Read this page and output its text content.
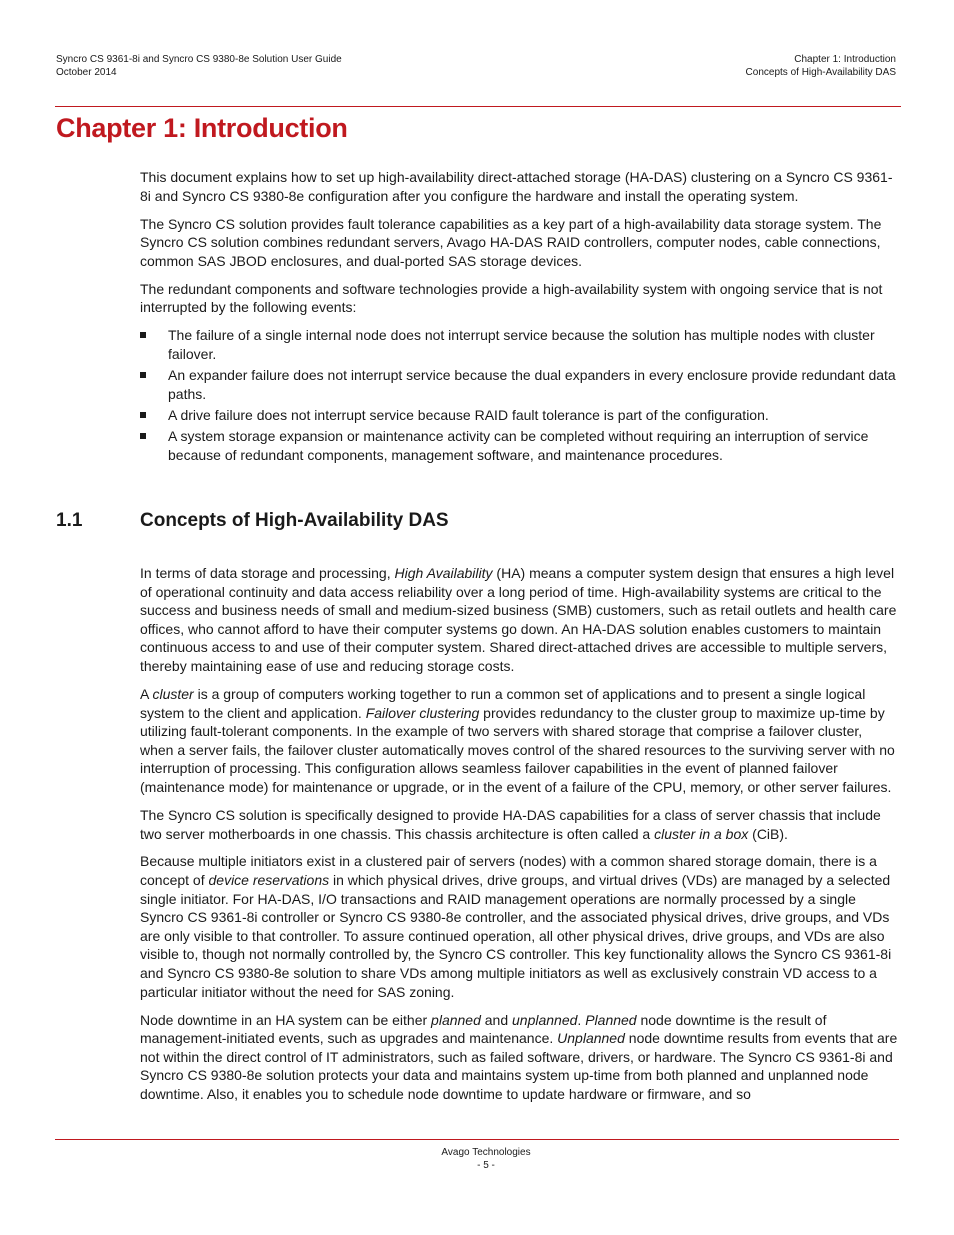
Syncro CS 9361-8i and Syncro CS 9380-8e Solution User Guide
October 2014
Chapter 1: Introduction
Concepts of High-Availability DAS
Chapter 1: Introduction

This document explains how to set up high-availability direct-attached storage (HA-DAS) clustering on a Syncro CS 9361-8i and Syncro CS 9380-8e configuration after you configure the hardware and install the operating system.

The Syncro CS solution provides fault tolerance capabilities as a key part of a high-availability data storage system. The Syncro CS solution combines redundant servers, Avago HA-DAS RAID controllers, computer nodes, cable connections, common SAS JBOD enclosures, and dual-ported SAS storage devices.

The redundant components and software technologies provide a high-availability system with ongoing service that is not interrupted by the following events:

The failure of a single internal node does not interrupt service because the solution has multiple nodes with cluster failover.
An expander failure does not interrupt service because the dual expanders in every enclosure provide redundant data paths.
A drive failure does not interrupt service because RAID fault tolerance is part of the configuration.
A system storage expansion or maintenance activity can be completed without requiring an interruption of service because of redundant components, management software, and maintenance procedures.
1.1	Concepts of High-Availability DAS

In terms of data storage and processing, High Availability (HA) means a computer system design that ensures a high level of operational continuity and data access reliability over a long period of time. High-availability systems are critical to the success and business needs of small and medium-sized business (SMB) customers, such as retail outlets and health care offices, who cannot afford to have their computer systems go down. An HA-DAS solution enables customers to maintain continuous access to and use of their computer system. Shared direct-attached drives are accessible to multiple servers, thereby maintaining ease of use and reducing storage costs.

A cluster is a group of computers working together to run a common set of applications and to present a single logical system to the client and application. Failover clustering provides redundancy to the cluster group to maximize up-time by utilizing fault-tolerant components. In the example of two servers with shared storage that comprise a failover cluster, when a server fails, the failover cluster automatically moves control of the shared resources to the surviving server with no interruption of processing. This configuration allows seamless failover capabilities in the event of planned failover (maintenance mode) for maintenance or upgrade, or in the event of a failure of the CPU, memory, or other server failures.

The Syncro CS solution is specifically designed to provide HA-DAS capabilities for a class of server chassis that include two server motherboards in one chassis. This chassis architecture is often called a cluster in a box (CiB).

Because multiple initiators exist in a clustered pair of servers (nodes) with a common shared storage domain, there is a concept of device reservations in which physical drives, drive groups, and virtual drives (VDs) are managed by a selected single initiator. For HA-DAS, I/O transactions and RAID management operations are normally processed by a single Syncro CS 9361-8i controller or Syncro CS 9380-8e controller, and the associated physical drives, drive groups, and VDs are only visible to that controller. To assure continued operation, all other physical drives, drive groups, and VDs are also visible to, though not normally controlled by, the Syncro CS controller. This key functionality allows the Syncro CS 9361-8i and Syncro CS 9380-8e solution to share VDs among multiple initiators as well as exclusively constrain VD access to a particular initiator without the need for SAS zoning.

Node downtime in an HA system can be either planned and unplanned. Planned node downtime is the result of management-initiated events, such as upgrades and maintenance. Unplanned node downtime results from events that are not within the direct control of IT administrators, such as failed software, drivers, or hardware. The Syncro CS 9361-8i and Syncro CS 9380-8e solution protects your data and maintains system up-time from both planned and unplanned node downtime. Also, it enables you to schedule node downtime to update hardware or firmware, and so

Avago Technologies
- 5 -
